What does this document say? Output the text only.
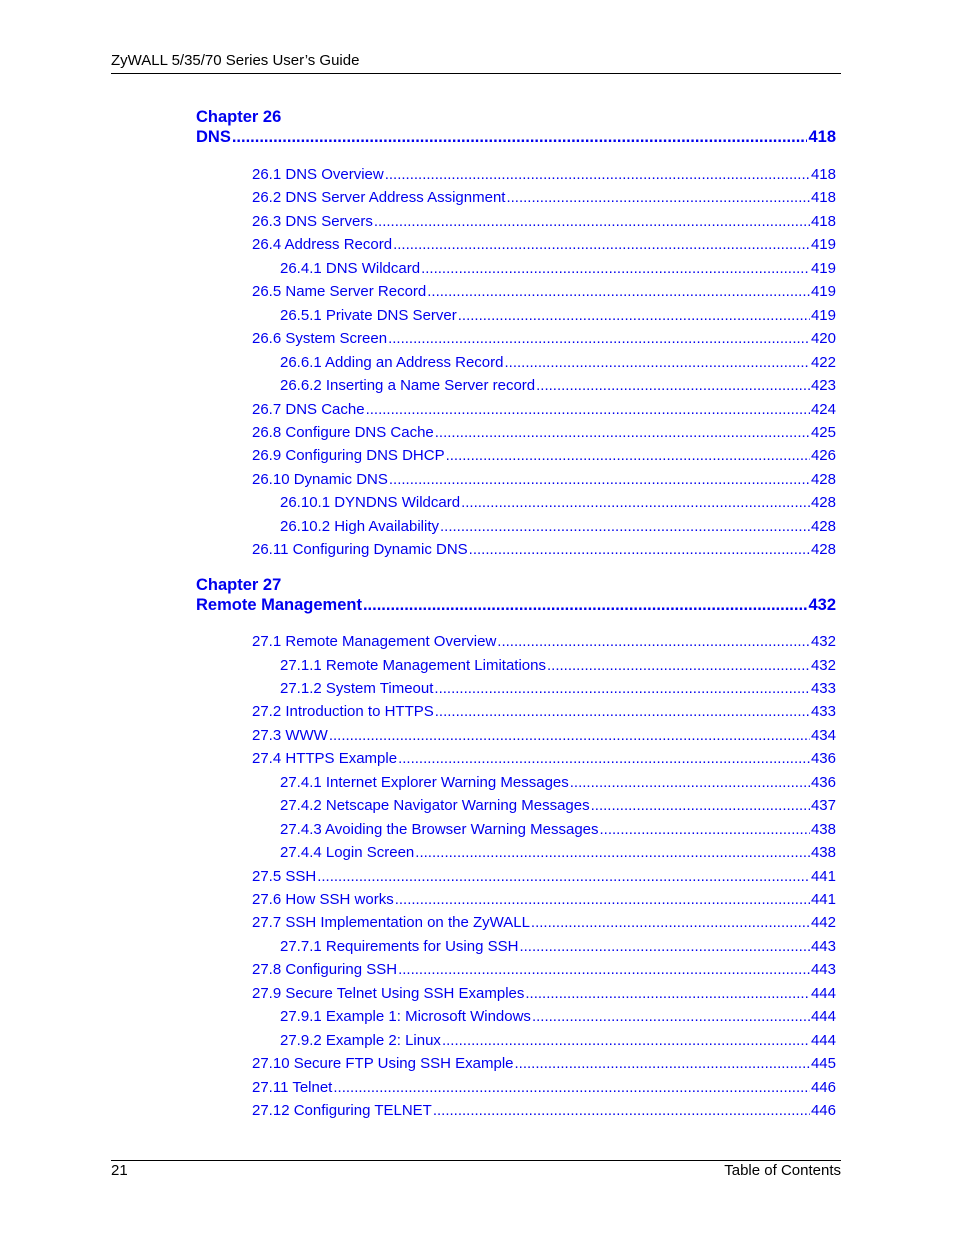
ZyWALL 5/35/70 Series User’s Guide
Chapter 26
DNS .....	418
26.1 DNS Overview .....	418
26.2 DNS Server Address Assignment .....	418
26.3 DNS Servers .....	418
26.4 Address Record .....	419
26.4.1 DNS Wildcard .....	419
26.5 Name Server Record .....	419
26.5.1 Private DNS Server .....	419
26.6 System Screen .....	420
26.6.1 Adding an Address Record .....	422
26.6.2 Inserting a Name Server record .....	423
26.7 DNS Cache .....	424
26.8 Configure DNS Cache .....	425
26.9 Configuring DNS DHCP .....	426
26.10 Dynamic DNS .....	428
26.10.1 DYNDNS Wildcard .....	428
26.10.2 High Availability .....	428
26.11 Configuring Dynamic DNS .....	428
Chapter 27
Remote Management .....	432
27.1 Remote Management Overview .....	432
27.1.1 Remote Management Limitations .....	432
27.1.2 System Timeout .....	433
27.2 Introduction to HTTPS .....	433
27.3 WWW .....	434
27.4 HTTPS Example .....	436
27.4.1 Internet Explorer Warning Messages .....	436
27.4.2 Netscape Navigator Warning Messages .....	437
27.4.3 Avoiding the Browser Warning Messages .....	438
27.4.4 Login Screen .....	438
27.5 SSH .....	441
27.6 How SSH works .....	441
27.7 SSH Implementation on the ZyWALL .....	442
27.7.1 Requirements for Using SSH .....	443
27.8 Configuring SSH .....	443
27.9 Secure Telnet Using SSH Examples .....	444
27.9.1 Example 1: Microsoft Windows .....	444
27.9.2 Example 2: Linux .....	444
27.10 Secure FTP Using SSH Example .....	445
27.11 Telnet .....	446
27.12 Configuring TELNET .....	446
21	Table of Contents
